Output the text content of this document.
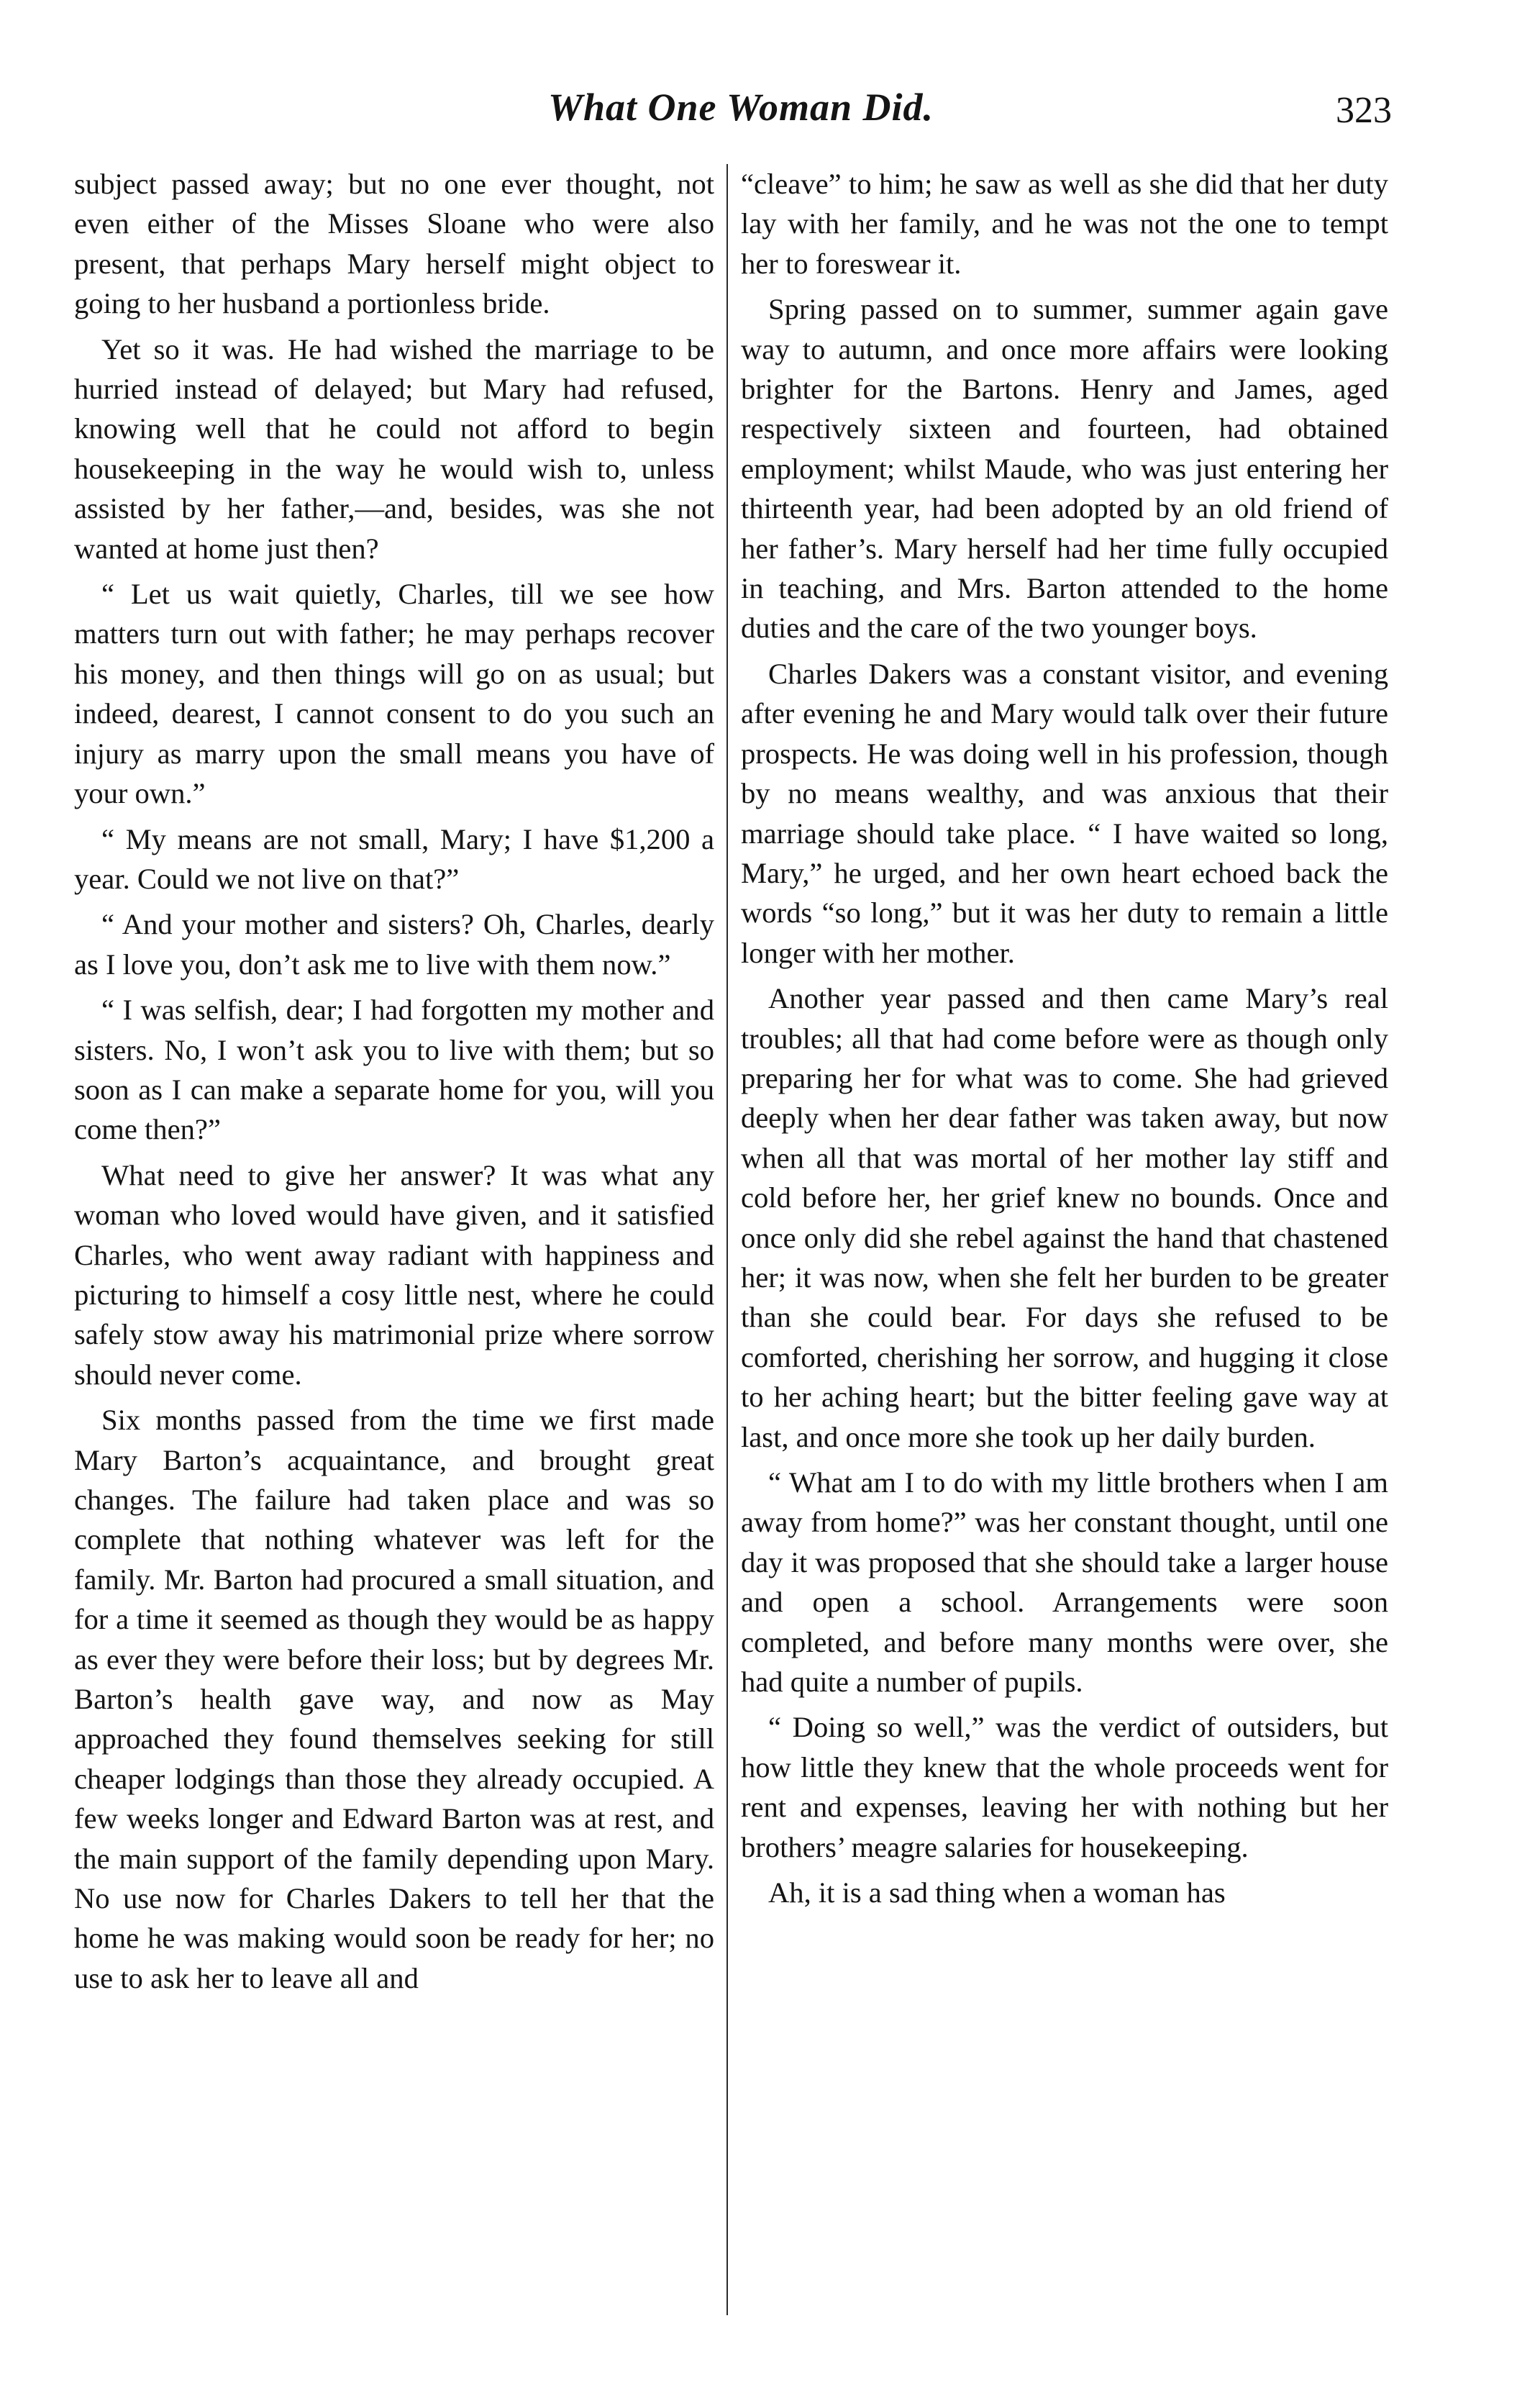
What One Woman Did.	323

subject passed away; but no one ever thought, not even either of the Misses Sloane who were also present, that perhaps Mary herself might object to going to her husband a portionless bride.

Yet so it was. He had wished the marriage to be hurried instead of delayed; but Mary had refused, knowing well that he could not afford to begin housekeeping in the way he would wish to, unless assisted by her father,—and, besides, was she not wanted at home just then?

“ Let us wait quietly, Charles, till we see how matters turn out with father; he may perhaps recover his money, and then things will go on as usual; but indeed, dearest, I cannot consent to do you such an injury as marry upon the small means you have of your own.”

“ My means are not small, Mary; I have $1,200 a year. Could we not live on that?”

“ And your mother and sisters? Oh, Charles, dearly as I love you, don’t ask me to live with them now.”

“ I was selfish, dear; I had forgotten my mother and sisters. No, I won’t ask you to live with them; but so soon as I can make a separate home for you, will you come then?”

What need to give her answer? It was what any woman who loved would have given, and it satisfied Charles, who went away radiant with happiness and picturing to himself a cosy little nest, where he could safely stow away his matrimonial prize where sorrow should never come.

Six months passed from the time we first made Mary Barton’s acquaintance, and brought great changes. The failure had taken place and was so complete that nothing whatever was left for the family. Mr. Barton had procured a small situation, and for a time it seemed as though they would be as happy as ever they were before their loss; but by degrees Mr. Barton’s health gave way, and now as May approached they found themselves seeking for still cheaper lodgings than those they already occupied. A few weeks longer and Edward Barton was at rest, and the main support of the family depending upon Mary. No use now for Charles Dakers to tell her that the home he was making would soon be ready for her; no use to ask her to leave all and

“cleave” to him; he saw as well as she did that her duty lay with her family, and he was not the one to tempt her to foreswear it.

Spring passed on to summer, summer again gave way to autumn, and once more affairs were looking brighter for the Bartons. Henry and James, aged respectively sixteen and fourteen, had obtained employment; whilst Maude, who was just entering her thirteenth year, had been adopted by an old friend of her father’s. Mary herself had her time fully occupied in teaching, and Mrs. Barton attended to the home duties and the care of the two younger boys.

Charles Dakers was a constant visitor, and evening after evening he and Mary would talk over their future prospects. He was doing well in his profession, though by no means wealthy, and was anxious that their marriage should take place. “ I have waited so long, Mary,” he urged, and her own heart echoed back the words “so long,” but it was her duty to remain a little longer with her mother.

Another year passed and then came Mary’s real troubles; all that had come before were as though only preparing her for what was to come. She had grieved deeply when her dear father was taken away, but now when all that was mortal of her mother lay stiff and cold before her, her grief knew no bounds. Once and once only did she rebel against the hand that chastened her; it was now, when she felt her burden to be greater than she could bear. For days she refused to be comforted, cherishing her sorrow, and hugging it close to her aching heart; but the bitter feeling gave way at last, and once more she took up her daily burden.

“ What am I to do with my little brothers when I am away from home?” was her constant thought, until one day it was proposed that she should take a larger house and open a school. Arrangements were soon completed, and before many months were over, she had quite a number of pupils.

“ Doing so well,” was the verdict of outsiders, but how little they knew that the whole proceeds went for rent and expenses, leaving her with nothing but her brothers’ meagre salaries for housekeeping.

Ah, it is a sad thing when a woman has
